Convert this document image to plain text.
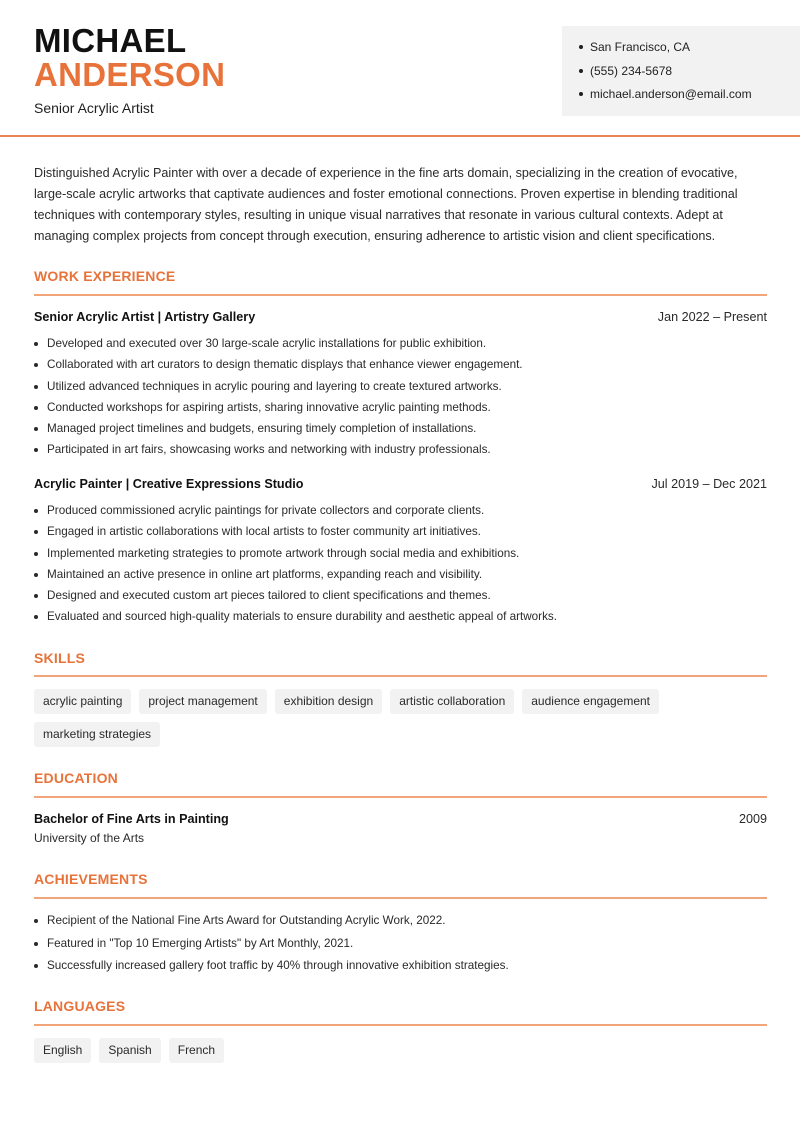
MICHAEL
ANDERSON
Senior Acrylic Artist
San Francisco, CA
(555) 234-5678
michael.anderson@email.com

Distinguished Acrylic Painter with over a decade of experience in the fine arts domain, specializing in the creation of evocative, large-scale acrylic artworks that captivate audiences and foster emotional connections. Proven expertise in blending traditional techniques with contemporary styles, resulting in unique visual narratives that resonate in various cultural contexts. Adept at managing complex projects from concept through execution, ensuring adherence to artistic vision and client specifications.

WORK EXPERIENCE
Senior Acrylic Artist | Artistry Gallery	Jan 2022 – Present
Developed and executed over 30 large-scale acrylic installations for public exhibition.
Collaborated with art curators to design thematic displays that enhance viewer engagement.
Utilized advanced techniques in acrylic pouring and layering to create textured artworks.
Conducted workshops for aspiring artists, sharing innovative acrylic painting methods.
Managed project timelines and budgets, ensuring timely completion of installations.
Participated in art fairs, showcasing works and networking with industry professionals.
Acrylic Painter | Creative Expressions Studio	Jul 2019 – Dec 2021
Produced commissioned acrylic paintings for private collectors and corporate clients.
Engaged in artistic collaborations with local artists to foster community art initiatives.
Implemented marketing strategies to promote artwork through social media and exhibitions.
Maintained an active presence in online art platforms, expanding reach and visibility.
Designed and executed custom art pieces tailored to client specifications and themes.
Evaluated and sourced high-quality materials to ensure durability and aesthetic appeal of artworks.
SKILLS
acrylic painting	project management	exhibition design	artistic collaboration	audience engagement
marketing strategies
EDUCATION
Bachelor of Fine Arts in Painting	2009
University of the Arts
ACHIEVEMENTS
Recipient of the National Fine Arts Award for Outstanding Acrylic Work, 2022.
Featured in "Top 10 Emerging Artists" by Art Monthly, 2021.
Successfully increased gallery foot traffic by 40% through innovative exhibition strategies.
LANGUAGES
English	Spanish	French
